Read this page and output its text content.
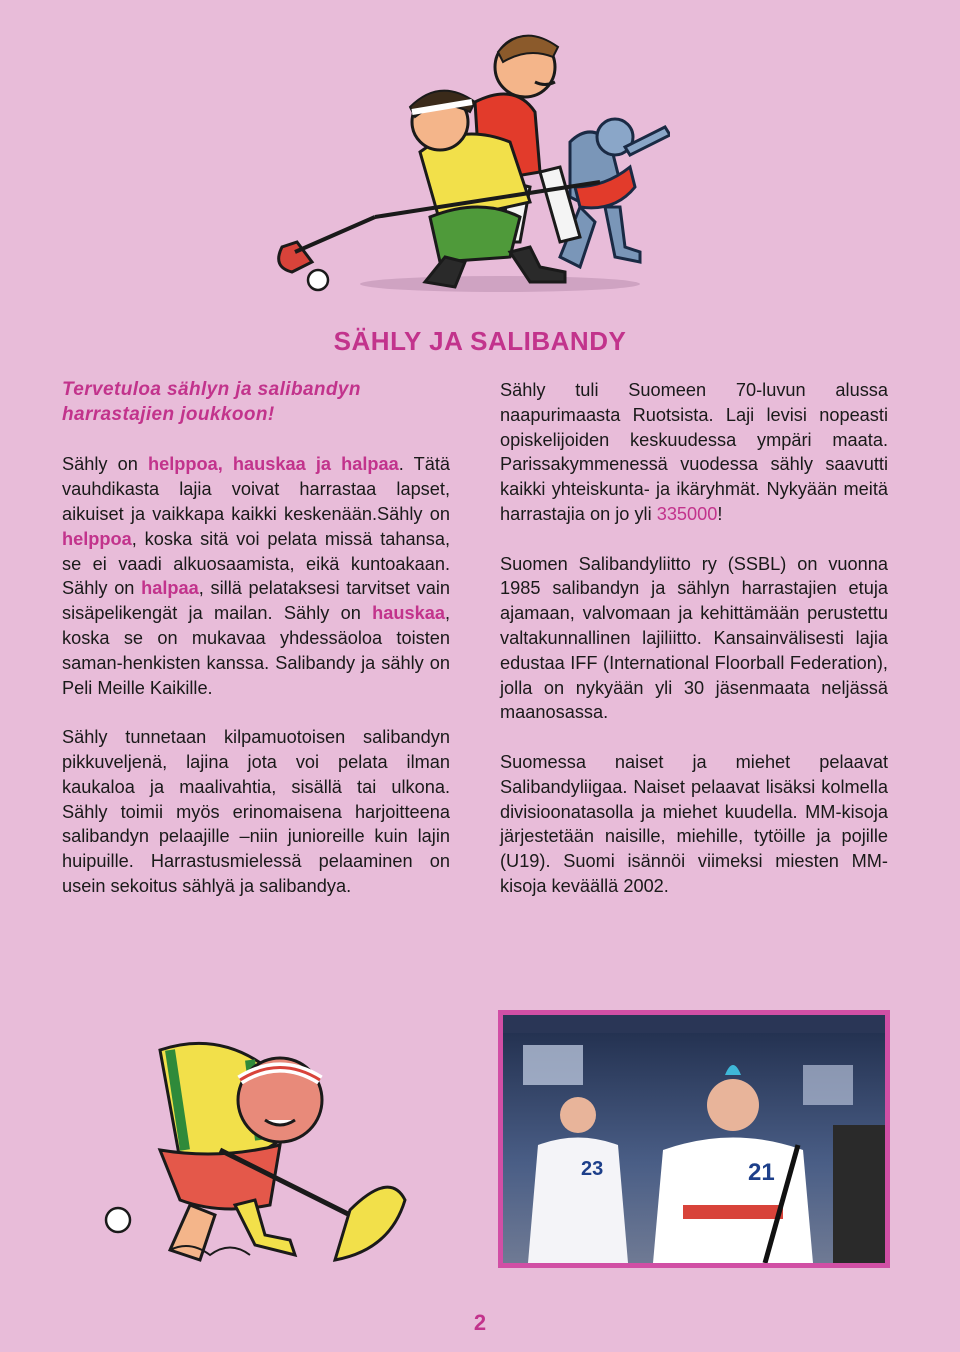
SÄHLY JA SALIBANDY

Tervetuloa sählyn ja salibandyn harrastajien joukkoon!

Sähly on helppoa, hauskaa ja halpaa. Tätä vauhdikasta lajia voivat harrastaa lapset, aikuiset ja vaikkapa kaikki keskenään.Sähly on helppoa, koska sitä voi pelata missä tahansa, se ei vaadi alkuosaamista, eikä kuntoakaan. Sähly on halpaa, sillä pelataksesi tarvitset vain sisäpelikengät ja mailan. Sähly on hauskaa, koska se on mukavaa yhdessäoloa toisten saman-henkisten kanssa. Salibandy ja sähly on Peli Meille Kaikille.

Sähly tunnetaan kilpamuotoisen salibandyn pikkuveljenä, lajina jota voi pelata ilman kaukaloa ja maalivahtia, sisällä tai ulkona. Sähly toimii myös erinomaisena harjoitteena salibandyn pelaajille –niin junioreille kuin lajin huipuille. Harrastusmielessä pelaaminen on usein sekoitus sählyä ja salibandya.

Sähly tuli Suomeen 70-luvun alussa naapurimaasta Ruotsista. Laji levisi nopeasti opiskelijoiden keskuudessa ympäri maata. Parissakymmenessä vuodessa sähly saavutti kaikki yhteiskunta- ja ikäryhmät. Nykyään meitä harrastajia on jo yli 335000!

Suomen Salibandyliitto ry (SSBL) on vuonna 1985 salibandyn ja sählyn harrastajien etuja ajamaan, valvomaan ja kehittämään perustettu valtakunnallinen lajiliitto. Kansainvälisesti lajia edustaa IFF (International Floorball Federation), jolla on nykyään yli 30 jäsenmaata neljässä maanosassa.

Suomessa naiset ja miehet pelaavat Salibandyliigaa. Naiset pelaavat lisäksi kolmella divisioonatasolla ja miehet kuudella. MM-kisoja järjestetään naisille, miehille, tytöille ja pojille (U19). Suomi isännöi viimeksi miesten MM-kisoja keväällä 2002.

23	21
2
